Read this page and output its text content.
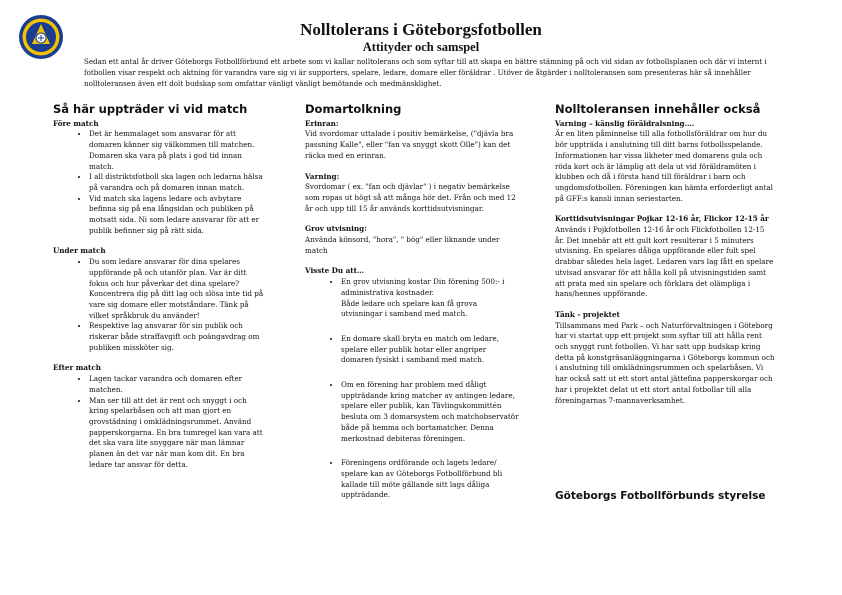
Nolltolerans i Göteborgsfotbollen
Attityder och samspel
Sedan ett antal år driver Göteborgs Fotbollförbund ett arbete som vi kallar nolltolerans och som syftar till att skapa en bättre stämning på och vid sidan av fotbollsplanen och där vi internt i fotbollen visar respekt och aktning för varandra vare sig vi är supporters, spelare, ledare, domare eller föräldrar . Utöver de åtgärder i nolltoleransen som presenteras här så innehåller nolltoleransen även ett dolt budskap som omfattar vänligt vänligt bemötande och medmänsklighet.
Så här uppträder vi vid match

Före match

• Det är hemmalaget som ansvarar för att domaren känner sig välkommen till matchen. Domaren ska vara på plats i god tid innan match.
• I all distriktsfotboll ska lagen och ledarna hälsa på varandra och på domaren innan match.
• Vid match ska lagens ledare och avbytare befinna sig på ena långsidan och publiken på motsatt sida. Ni som ledare ansvarar för att er publik befinner sig på rätt sida.

Under match

• Du som ledare ansvarar för dina spelares uppförande på och utanför plan. Var är ditt fokus och hur påverkar det dina spelare? Koncentrera dig på ditt lag och slösa inte tid på vare sig domare eller motståndare. Tänk på vilket språkbruk du använder!
• Respektive lag ansvarar för sin publik och riskerar både straffavgift och poängavdrag om publiken missköter sig.

Efter match

• Lagen tackar varandra och domaren efter matchen.
• Man ser till att det är rent och snyggt i och kring spelarbåsen och att man gjort en grovstädning i omklädningsrummet. Använd papperskorgarna. En bra tumregel kan vara att det ska vara lite snyggare när man lämnar planen än det var när man kom dit. En bra ledare tar ansvar för detta.
Domartolkning

Erinran:

Vid svordomar uttalade i positiv bemärkelse, ("djävla bra passning Kalle", eller "fan va snyggt skott Olle") kan det räcka med en erinran.

Varning:

Svordomar ( ex. "fan och djävlar" ) i negativ bemärkelse som ropas ut högt så att många hör det. Från och med 12 år och upp till 15 år används korttidsutvisningar.

Grov utvisning:

Använda könsord, "hora", " bög" eller liknande under match

Visste Du att…

• En grov utvisning kostar Din förening 500:- i administrativa kostnader.
Både ledare och spelare kan få grova utvisningar i samband med match.
• En domare skall bryta en match om ledare, spelare eller publik hotar eller angriper domaren fysiskt i samband med match.
• Om en förening har problem med dåligt uppträdande kring matcher av antingen ledare, spelare eller publik, kan Tävlingskommittén besluta om 3 domarsystem och matchobservatör både på hemma och bortamatcher. Denna merkostnad debiteras föreningen.
• Föreningens ordförande och lagets ledare/ spelare kan av Göteborgs Fotbollförbund bli kallade till möte gällande sitt lags dåliga uppträdande.
Nolltoleransen innehåller också

Varning – känslig föräldralsning….

Är en liten påminnelse till alla fotbollsföräldrar om hur du bör uppträda i anslutning till ditt barns fotbollsspelande. Informationen har vissa likheter med domarens gula och röda kort och är lämplig att dela ut vid föräldramöten i klubben och då i första hand till föräldrar i barn och ungdomsfotbollen. Föreningen kan hämta erforderligt antal på GFF:s kansli innan seriestarten.

Korttidsutvisningar Pojkar 12-16 år, Flickor 12-15 år

Används i Pojkfotbollen 12-16 år och Flickfotbollen 12-15 år. Det innebär att ett gult kort resulterar i 5 minuters utvisning. En spelares dåliga uppförande eller fult spel drabbar således hela laget. Ledaren vars lag fått en spelare utvisad ansvarar för att hålla koll på utvisningstiden samt att prata med sin spelare och förklara det olämpliga i hans/hennes uppförande.

Tänk - projektet

Tillsammans med Park – och Naturförvaltningen i Göteborg har vi startat upp ett projekt som syftar till att hålla rent och snyggt runt fotbollen. Vi har satt upp budskap kring detta på konstgräsanläggningarna i Göteborgs kommun och i anslutning till omklädningsrummen och spelarbåsen. Vi har också satt ut ett stort antal jättefina papperskorgar och har i projektet delat ut ett stort antal fotbollar till alla föreningarnas 7-mannaverksamhet.

Göteborgs Fotbollförbunds styrelse
